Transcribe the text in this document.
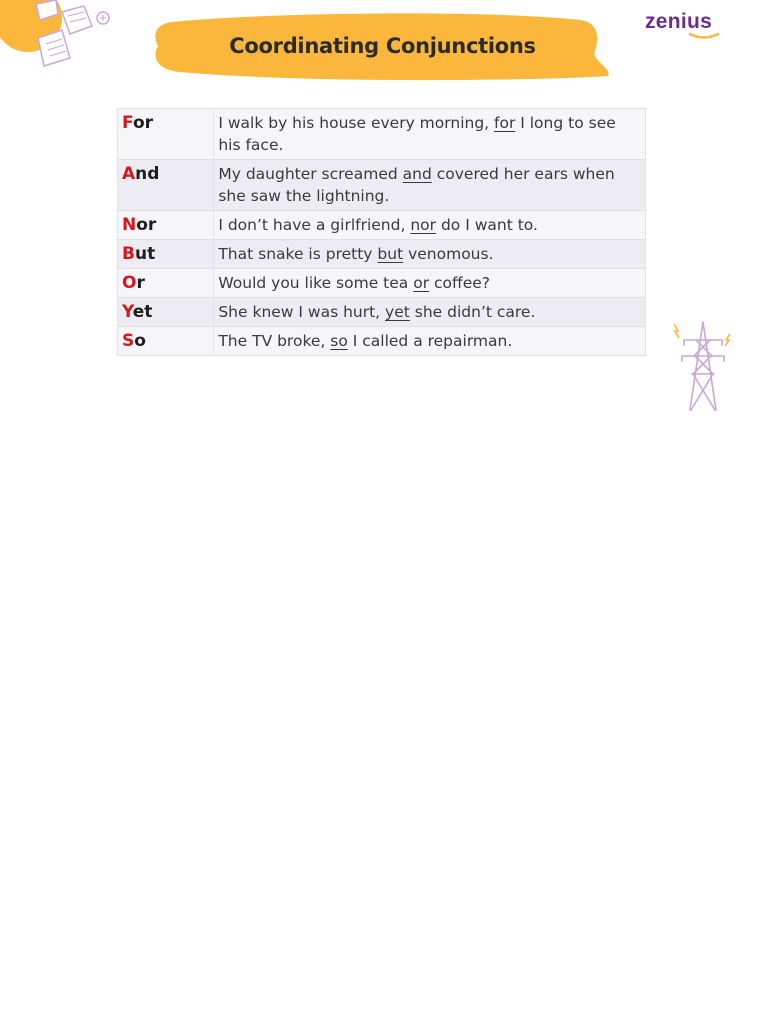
Coordinating Conjunctions
zenius
For	I walk by his house every morning, for I long to see his face.
And	My daughter screamed and covered her ears when she saw the lightning.
Nor	I don’t have a girlfriend, nor do I want to.
But	That snake is pretty but venomous.
Or	Would you like some tea or coffee?
Yet	She knew I was hurt, yet she didn’t care.
So	The TV broke, so I called a repairman.
